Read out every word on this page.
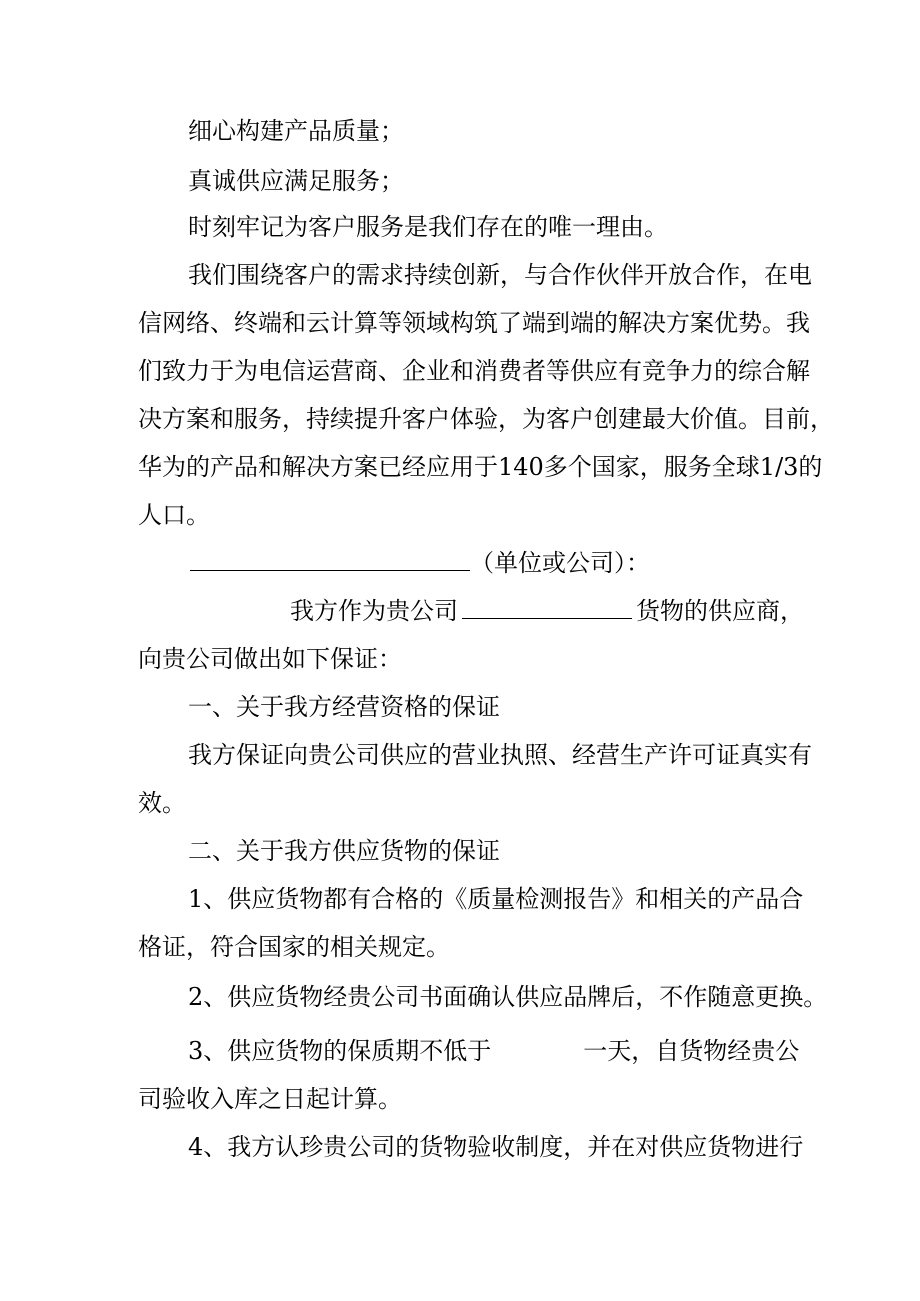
细心构建产品质量；
真诚供应满足服务；
时刻牢记为客户服务是我们存在的唯一理由。
我们围绕客户的需求持续创新，与合作伙伴开放合作，在电
信网络、终端和云计算等领域构筑了端到端的解决方案优势。我
们致力于为电信运营商、企业和消费者等供应有竞争力的综合解
决方案和服务，持续提升客户体验，为客户创建最大价值。目前，
华为的产品和解决方案已经应用于140多个国家，服务全球1/3的
人口。
（单位或公司）：
我方作为贵公司	货物的供应商，
向贵公司做出如下保证：
一、关于我方经营资格的保证
我方保证向贵公司供应的营业执照、经营生产许可证真实有
效。
二、关于我方供应货物的保证
1、供应货物都有合格的《质量检测报告》和相关的产品合
格证，符合国家的相关规定。
2、供应货物经贵公司书面确认供应品牌后，不作随意更换。
3、供应货物的保质期不低于	一天，自货物经贵公
司验收入库之日起计算。
4、我方认珍贵公司的货物验收制度，并在对供应货物进行
